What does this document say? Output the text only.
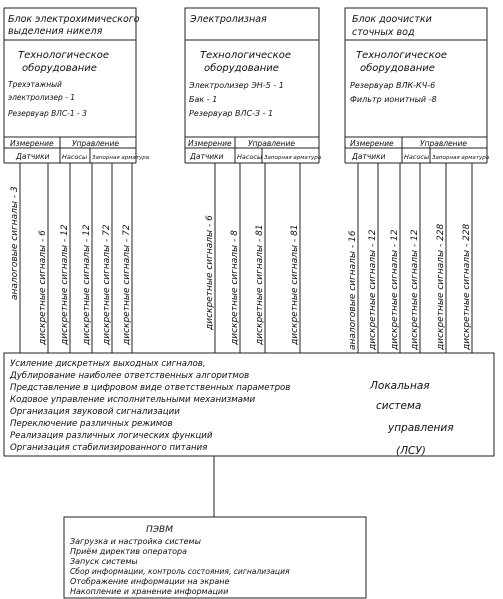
Блок электрохимического
выделения никеля
Технологическое
оборудование
Трехэтажный
электролизер - 1
Резервуар ВЛС-1 - 3
Измерение Управление
Датчики Насосы Запорная арматура
Электролизная
Технологическое
оборудование
Электролизер ЭН-5 - 1
Бак - 1
Резервуар ВЛС-3 - 1
Измерение Управление
Датчики Насосы Запорная арматура
Блок доочистки
сточных вод
Технологическое
оборудование
Резервуар ВЛК-КЧ-6
Фильтр ионитный -8
Измерение	Управление
Датчики	Насосы Запорная арматура
аналоговые сигналы - 3 дискретные сигналы - 6 дискретные сигналы - 12 дискретные сигналы - 12 дискретные сигналы - 72 дискретные сигналы - 72	дискретные сигналы - 6 дискретные сигналы - 8 дискретные сигналы - 81	дискретные сигналы - 81	аналоговые сигналы - 16 дискретные сигналы - 12 дискретные сигналы - 12 дискретные сигналы - 12 дискретные сигналы - 228 дискретные сигналы - 228
Усиление дискретных выходных сигналов,
Дублирование наиболее ответственных алгоритмов
Представление в цифровом виде ответственных параметров
Кодовое управление исполнительными механизмами
Организация звуковой сигнализации
Переключение различных режимов
Реализация различных логических функций
Организация стабилизированного питания
Локальная
система
управления
(ЛСУ)
ПЭВМ
Загрузка и настройка системы
Приём директив оператора
Запуск системы
Сбор информации, контроль состояния, сигнализация
Отображение информации на экране
Накопление и хранение информации
